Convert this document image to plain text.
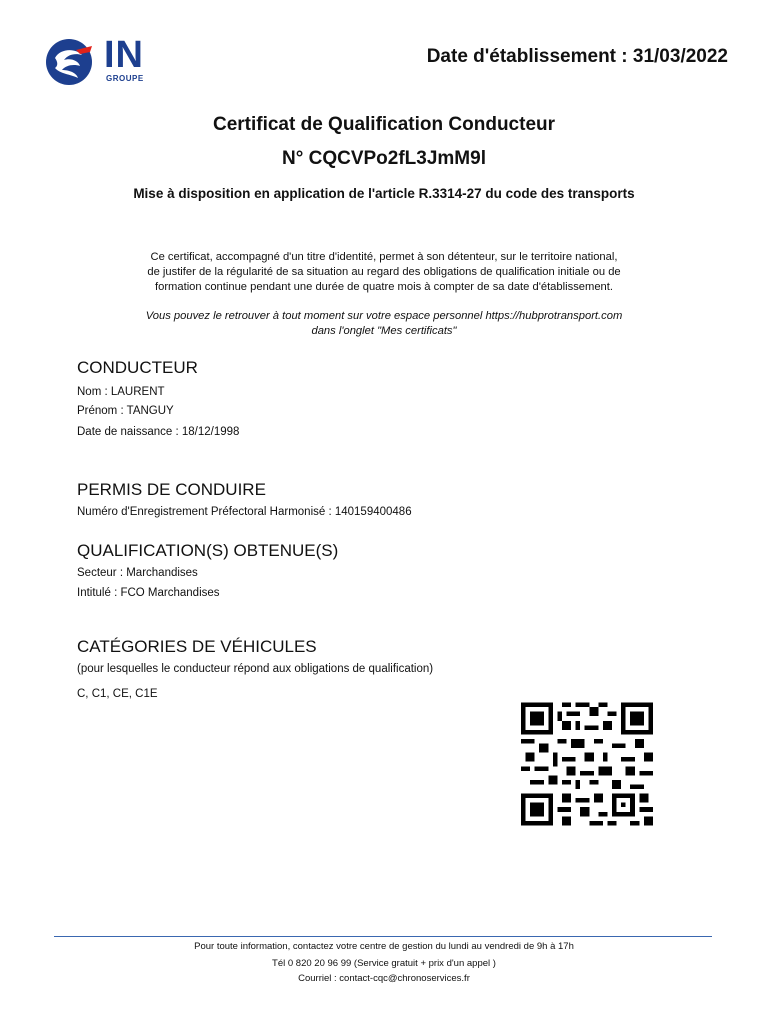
IN
GROUPE
Date d'établissement : 31/03/2022
Certificat de Qualification Conducteur
N° CQCVPo2fL3JmM9l
Mise à disposition en application de l'article R.3314-27 du code des transports
Ce certificat, accompagné d'un titre d'identité, permet à son détenteur, sur le territoire national,
de justifer de la régularité de sa situation au regard des obligations de qualification initiale ou de
formation continue pendant une durée de quatre mois à compter de sa date d'établissement.
Vous pouvez le retrouver à tout moment sur votre espace personnel https://hubprotransport.com
dans l'onglet "Mes certificats"
CONDUCTEUR
Nom : LAURENT
Prénom : TANGUY
Date de naissance : 18/12/1998
PERMIS DE CONDUIRE
Numéro d'Enregistrement Préfectoral Harmonisé : 140159400486
QUALIFICATION(S) OBTENUE(S)
Secteur : Marchandises
Intitulé : FCO Marchandises
CATÉGORIES DE VÉHICULES
(pour lesquelles le conducteur répond aux obligations de qualification)
C, C1, CE, C1E
Pour toute information, contactez votre centre de gestion du lundi au vendredi de 9h à 17h
Tél 0 820 20 96 99 (Service gratuit + prix d'un appel )
Courriel : contact-cqc@chronoservices.fr
